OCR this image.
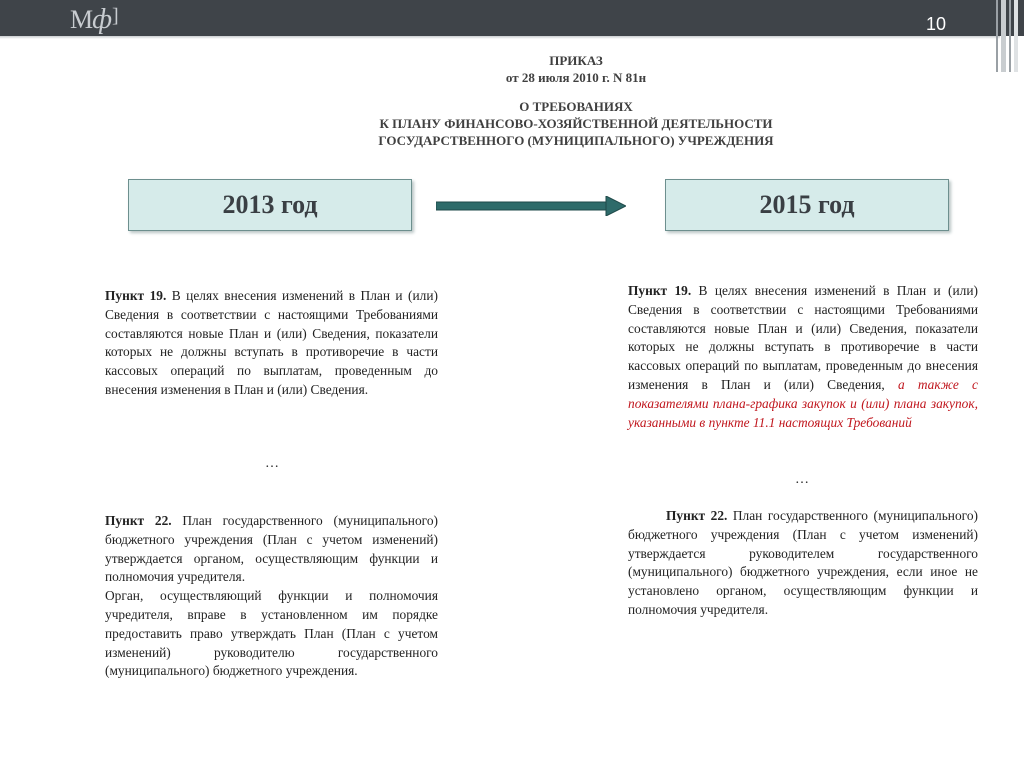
Мф]	10
ПРИКАЗ
от 28 июля 2010 г. N 81н
О ТРЕБОВАНИЯХ
К ПЛАНУ ФИНАНСОВО-ХОЗЯЙСТВЕННОЙ ДЕЯТЕЛЬНОСТИ
ГОСУДАРСТВЕННОГО (МУНИЦИПАЛЬНОГО) УЧРЕЖДЕНИЯ
2013 год	2015 год

Пункт 19. В целях внесения изменений в План и (или) Сведения в соответствии с настоящими Требованиями составляются новые План и (или) Сведения, показатели которых не должны вступать в противоречие в части кассовых операций по выплатам, проведенным до внесения изменения в План и (или) Сведения.

…

Пункт 22. План государственного (муниципального) бюджетного учреждения (План с учетом изменений) утверждается органом, осуществляющим функции и полномочия учредителя.

Орган, осуществляющий функции и полномочия учредителя, вправе в установленном им порядке предоставить право утверждать План (План с учетом изменений) руководителю государственного (муниципального) бюджетного учреждения.

Пункт 19. В целях внесения изменений в План и (или) Сведения в соответствии с настоящими Требованиями составляются новые План и (или) Сведения, показатели которых не должны вступать в противоречие в части кассовых операций по выплатам, проведенным до внесения изменения в План и (или) Сведения, а также с показателями плана-графика закупок и (или) плана закупок, указанными в пункте 11.1 настоящих Требований

…

Пункт 22. План государственного (муниципального) бюджетного учреждения (План с учетом изменений) утверждается руководителем государственного (муниципального) бюджетного учреждения, если иное не установлено органом, осуществляющим функции и полномочия учредителя.
